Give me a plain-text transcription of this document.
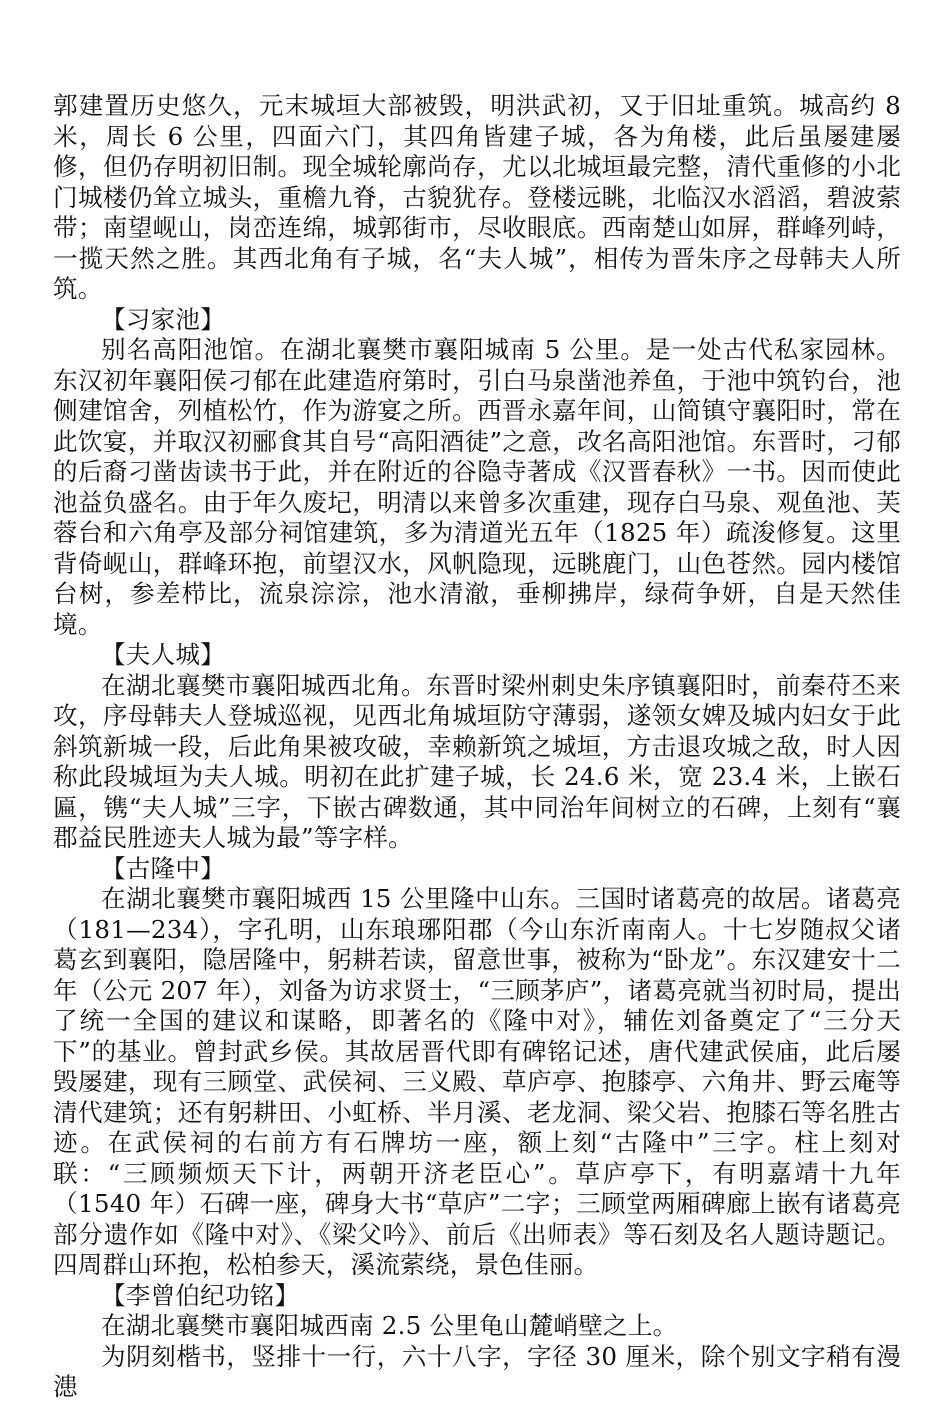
郭建置历史悠久，元末城垣大部被毁，明洪武初，又于旧址重筑。城高约 8 米，周长 6 公里，四面六门，其四角皆建子城，各为角楼，此后虽屡建屡修，但仍存明初旧制。现全城轮廓尚存，尤以北城垣最完整，清代重修的小北门城楼仍耸立城头，重檐九脊，古貌犹存。登楼远眺，北临汉水滔滔，碧波萦带；南望岘山，岗峦连绵，城郭街市，尽收眼底。西南楚山如屏，群峰列峙，一揽天然之胜。其西北角有子城，名“夫人城”，相传为晋朱序之母韩夫人所筑。

【习家池】

别名高阳池馆。在湖北襄樊市襄阳城南 5 公里。是一处古代私家园林。东汉初年襄阳侯刁郁在此建造府第时，引白马泉凿池养鱼，于池中筑钓台，池侧建馆舍，列植松竹，作为游宴之所。西晋永嘉年间，山简镇守襄阳时，常在此饮宴，并取汉初郦食其自号“高阳酒徒”之意，改名高阳池馆。东晋时，刁郁的后裔刁凿齿读书于此，并在附近的谷隐寺著成《汉晋春秋》一书。因而使此池益负盛名。由于年久废圮，明清以来曾多次重建，现存白马泉、观鱼池、芙蓉台和六角亭及部分祠馆建筑，多为清道光五年（1825 年）疏浚修复。这里背倚岘山，群峰环抱，前望汉水，风帆隐现，远眺鹿门，山色苍然。园内楼馆台树，参差栉比，流泉淙淙，池水清澈，垂柳拂岸，绿荷争妍，自是天然佳境。

【夫人城】

在湖北襄樊市襄阳城西北角。东晋时梁州刺史朱序镇襄阳时，前秦苻丕来攻，序母韩夫人登城巡视，见西北角城垣防守薄弱，遂领女婢及城内妇女于此斜筑新城一段，后此角果被攻破，幸赖新筑之城垣，方击退攻城之敌，时人因称此段城垣为夫人城。明初在此扩建子城，长 24.6 米，宽 23.4 米，上嵌石匾，镌“夫人城”三字，下嵌古碑数通，其中同治年间树立的石碑，上刻有“襄郡益民胜迹夫人城为最”等字样。

【古隆中】

在湖北襄樊市襄阳城西 15 公里隆中山东。三国时诸葛亮的故居。诸葛亮（181—234），字孔明，山东琅琊阳郡（今山东沂南南人。十七岁随叔父诸葛玄到襄阳，隐居隆中，躬耕若读，留意世事，被称为“卧龙”。东汉建安十二年（公元 207 年），刘备为访求贤士，“三顾茅庐”，诸葛亮就当初时局，提出了统一全国的建议和谋略，即著名的《隆中对》，辅佐刘备奠定了“三分天下”的基业。曾封武乡侯。其故居晋代即有碑铭记述，唐代建武侯庙，此后屡毁屡建，现有三顾堂、武侯祠、三义殿、草庐亭、抱膝亭、六角井、野云庵等清代建筑；还有躬耕田、小虹桥、半月溪、老龙洞、梁父岩、抱膝石等名胜古迹。在武侯祠的右前方有石牌坊一座，额上刻“古隆中”三字。柱上刻对联：“三顾频烦天下计，两朝开济老臣心”。草庐亭下，有明嘉靖十九年（1540 年）石碑一座，碑身大书“草庐”二字；三顾堂两厢碑廊上嵌有诸葛亮部分遗作如《隆中对》、《梁父吟》、前后《出师表》等石刻及名人题诗题记。四周群山环抱，松柏参天，溪流萦绕，景色佳丽。

【李曾伯纪功铭】

在湖北襄樊市襄阳城西南 2.5 公里龟山麓峭壁之上。

为阴刻楷书，竖排十一行，六十八字，字径 30 厘米，除个别文字稍有漫漶
